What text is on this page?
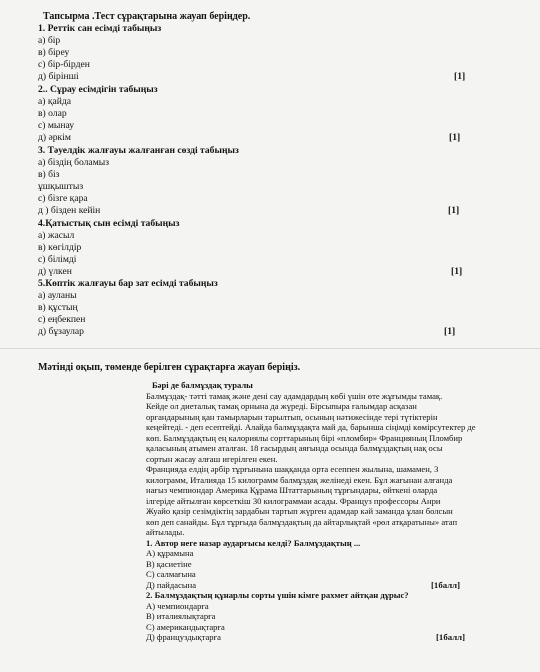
Тапсырма .Тест сұрақтарына жауап беріңдер.
1. Реттік сан есімді табыңыз
а) бір
в) біреу
с) бір-бірден
д) бірінші	[1]
2.. Сұрау есімдігін табыңыз
а) қайда
в) олар
с) мынау
д) әркім	[1]
3. Тәуелдік жалғауы жалғанған сөзді табыңыз
а) біздің боламыз
в) біз
ұшқыштыз
с) бізге қара
д ) бізден кейін	[1]
4.Қатыстық сын есімді табыңыз
а) жасыл
в) көгілдір
с) білімді
д) үлкен	[1]
5.Көптік жалғауы бар зат есімді табыңыз
а) ауланы
в) құстың
с) еңбекпен
д) бұзаулар	[1]
Мәтінді оқып, төменде берілген сұрақтарға жауап беріңіз.
Бәрі де балмұздақ туралы
Балмұздақ- тәтті тамақ және дені сау адамдардың көбі үшін өте жұғымды тамақ.
Кейде ол диеталық тамақ орнына да жүреді. Бірсыпыра ғалымдар асқазан
органдарының қан тамырларын тарылтып, осының нәтижесінде тері түтіктерін
кеңейтеді. - деп есептейді. Алайда балмұздақта май да, барынша сіңімді көмірсутектер де
көп. Балмұздақтың ең калориялы сорттарының бірі «пломбир» Францияның Пломбир
қаласының атымен аталған. 18 ғасырдың аяғында осында балмұздақтың нақ осы
сортын жасау алғаш игерілген екен.
Францияда елдің әрбір тұрғынына шаққанда орта есеппен жылына, шамамен, 3
килограмм, Италияда 15 килограмм балмұздақ желінеді екен. Бұл жағынан алғанда
нағыз чемпиондар Америка Құрама Штаттарының тұрғындары, өйткені оларда
ілгеріде айтылған көрсеткіш 30 килограммаи асады. Француз профессоры Анри
Жуайо қазір сезімдіктің зардабын тартып жүрген адамдар кәй заманда ұлан болсын
көп деп санайды. Бұл тұрғыда балмұздақтың да айтарлықтай «рөл атқаратыны» атап
айтылады.
1. Автор неге назар аударғысы келді? Балмұздақтың ...
А) құрамына
В) қасиетіне
С) салмағына
Д) пайдасына	[1балл]
2. Балмұздақтың құнарлы сорты үшін кімге рахмет айтқан дұрыс?
А) чемпиондарға
В) италиялықтарға
С) американдықтарға
Д) француздықтарға	[1балл]
